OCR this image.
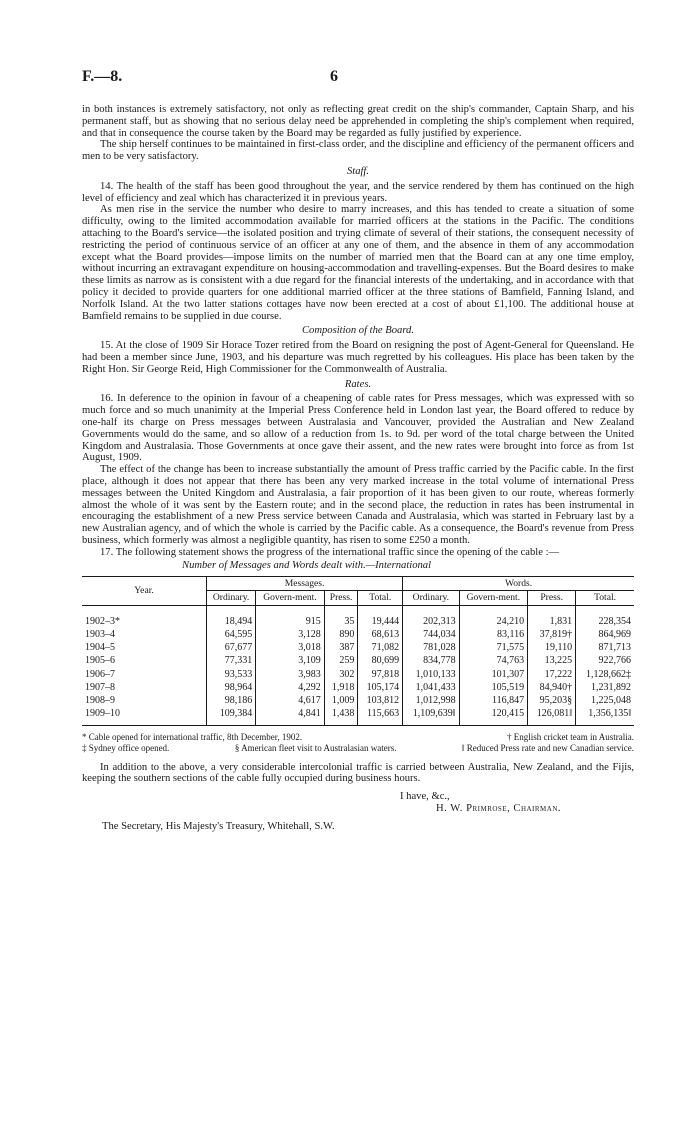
F.—8.	6

in both instances is extremely satisfactory, not only as reflecting great credit on the ship's commander, Captain Sharp, and his permanent staff, but as showing that no serious delay need be apprehended in completing the ship's complement when required, and that in consequence the course taken by the Board may be regarded as fully justified by experience.

The ship herself continues to be maintained in first-class order, and the discipline and efficiency of the permanent officers and men to be very satisfactory.

Staff.

14. The health of the staff has been good throughout the year, and the service rendered by them has continued on the high level of efficiency and zeal which has characterized it in previous years.

As men rise in the service the number who desire to marry increases, and this has tended to create a situation of some difficulty, owing to the limited accommodation available for married officers at the stations in the Pacific. The conditions attaching to the Board's service—the isolated position and trying climate of several of their stations, the consequent necessity of restricting the period of continuous service of an officer at any one of them, and the absence in them of any accommodation except what the Board provides—impose limits on the number of married men that the Board can at any one time employ, without incurring an extravagant expenditure on housing-accommodation and travelling-expenses. But the Board desires to make these limits as narrow as is consistent with a due regard for the financial interests of the undertaking, and in accordance with that policy it decided to provide quarters for one additional married officer at the three stations of Bamfield, Fanning Island, and Norfolk Island. At the two latter stations cottages have now been erected at a cost of about £1,100. The additional house at Bamfield remains to be supplied in due course.

Composition of the Board.

15. At the close of 1909 Sir Horace Tozer retired from the Board on resigning the post of Agent-General for Queensland. He had been a member since June, 1903, and his departure was much regretted by his colleagues. His place has been taken by the Right Hon. Sir George Reid, High Commissioner for the Commonwealth of Australia.

Rates.

16. In deference to the opinion in favour of a cheapening of cable rates for Press messages, which was expressed with so much force and so much unanimity at the Imperial Press Conference held in London last year, the Board offered to reduce by one-half its charge on Press messages between Australasia and Vancouver, provided the Australian and New Zealand Governments would do the same, and so allow of a reduction from 1s. to 9d. per word of the total charge between the United Kingdom and Australasia. Those Governments at once gave their assent, and the new rates were brought into force as from 1st August, 1909.

The effect of the change has been to increase substantially the amount of Press traffic carried by the Pacific cable. In the first place, although it does not appear that there has been any very marked increase in the total volume of international Press messages between the United Kingdom and Australasia, a fair proportion of it has been given to our route, whereas formerly almost the whole of it was sent by the Eastern route; and in the second place, the reduction in rates has been instrumental in encouraging the establishment of a new Press service between Canada and Australasia, which was started in February last by a new Australian agency, and of which the whole is carried by the Pacific cable. As a consequence, the Board's revenue from Press business, which formerly was almost a negligible quantity, has risen to some £250 a month.

17. The following statement shows the progress of the international traffic since the opening of the cable :—

Number of Messages and Words dealt with.—International
Year.	Messages.				Words.			
	Ordinary.	Govern-ment.	Press.	Total.	Ordinary.	Govern-ment.	Press.	Total.
1902–3*	18,494	915	35	19,444	202,313	24,210	1,831	228,354
1903–4	64,595	3,128	890	68,613	744,034	83,116	37,819†	864,969
1904–5	67,677	3,018	387	71,082	781,028	71,575	19,110	871,713
1905–6	77,331	3,109	259	80,699	834,778	74,763	13,225	922,766
1906–7	93,533	3,983	302	97,818	1,010,133	101,307	17,222	1,128,662‡
1907–8	98,964	4,292	1,918	105,174	1,041,433	105,519	84,940†	1,231,892
1908–9	98,186	4,617	1,009	103,812	1,012,998	116,847	95,203§	1,225,048
1909–10	109,384	4,841	1,438	115,663	1,109,639‖	120,415	126,081‖	1,356,135‖
* Cable opened for international traffic, 8th December, 1902.	† English cricket team in Australia.
‡ Sydney office opened.	§ American fleet visit to Australasian waters.	‖ Reduced Press rate and new Canadian service.

In addition to the above, a very considerable intercolonial traffic is carried between Australia, New Zealand, and the Fijis, keeping the southern sections of the cable fully occupied during business hours.

I have, &c.,
H. W. Primrose, Chairman.
The Secretary, His Majesty's Treasury, Whitehall, S.W.
